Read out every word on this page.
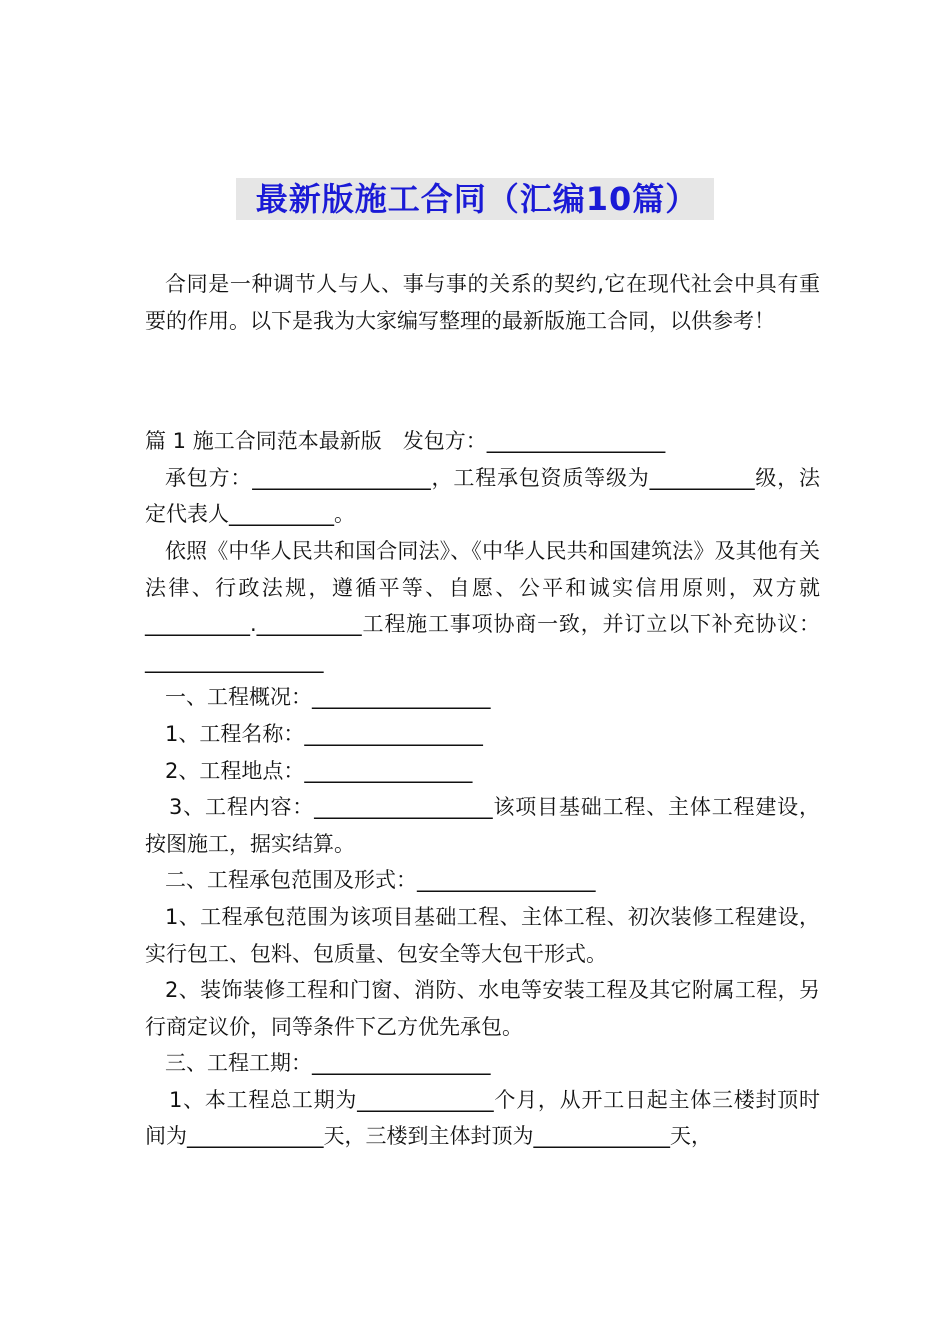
最新版施工合同（汇编10篇）

合同是一种调节人与人、事与事的关系的契约,它在现代社会中具有重要的作用。以下是我为大家编写整理的最新版施工合同，以供参考！

篇 1 施工合同范本最新版　发包方：_________________

承包方：_________________，工程承包资质等级为__________级，法定代表人__________。

依照《中华人民共和国合同法》、《中华人民共和国建筑法》及其他有关法律、行政法规，遵循平等、自愿、公平和诚实信用原则，双方就__________.__________工程施工事项协商一致，并订立以下补充协议：_________________

一、工程概况：_________________

1、工程名称：_________________

2、工程地点：________________

3、工程内容：_________________该项目基础工程、主体工程建设，按图施工，据实结算。

二、工程承包范围及形式：_________________

1、工程承包范围为该项目基础工程、主体工程、初次装修工程建设，实行包工、包料、包质量、包安全等大包干形式。

2、装饰装修工程和门窗、消防、水电等安装工程及其它附属工程，另行商定议价，同等条件下乙方优先承包。

三、工程工期：_________________

1、本工程总工期为_____________个月，从开工日起主体三楼封顶时间为_____________天，三楼到主体封顶为_____________天，
